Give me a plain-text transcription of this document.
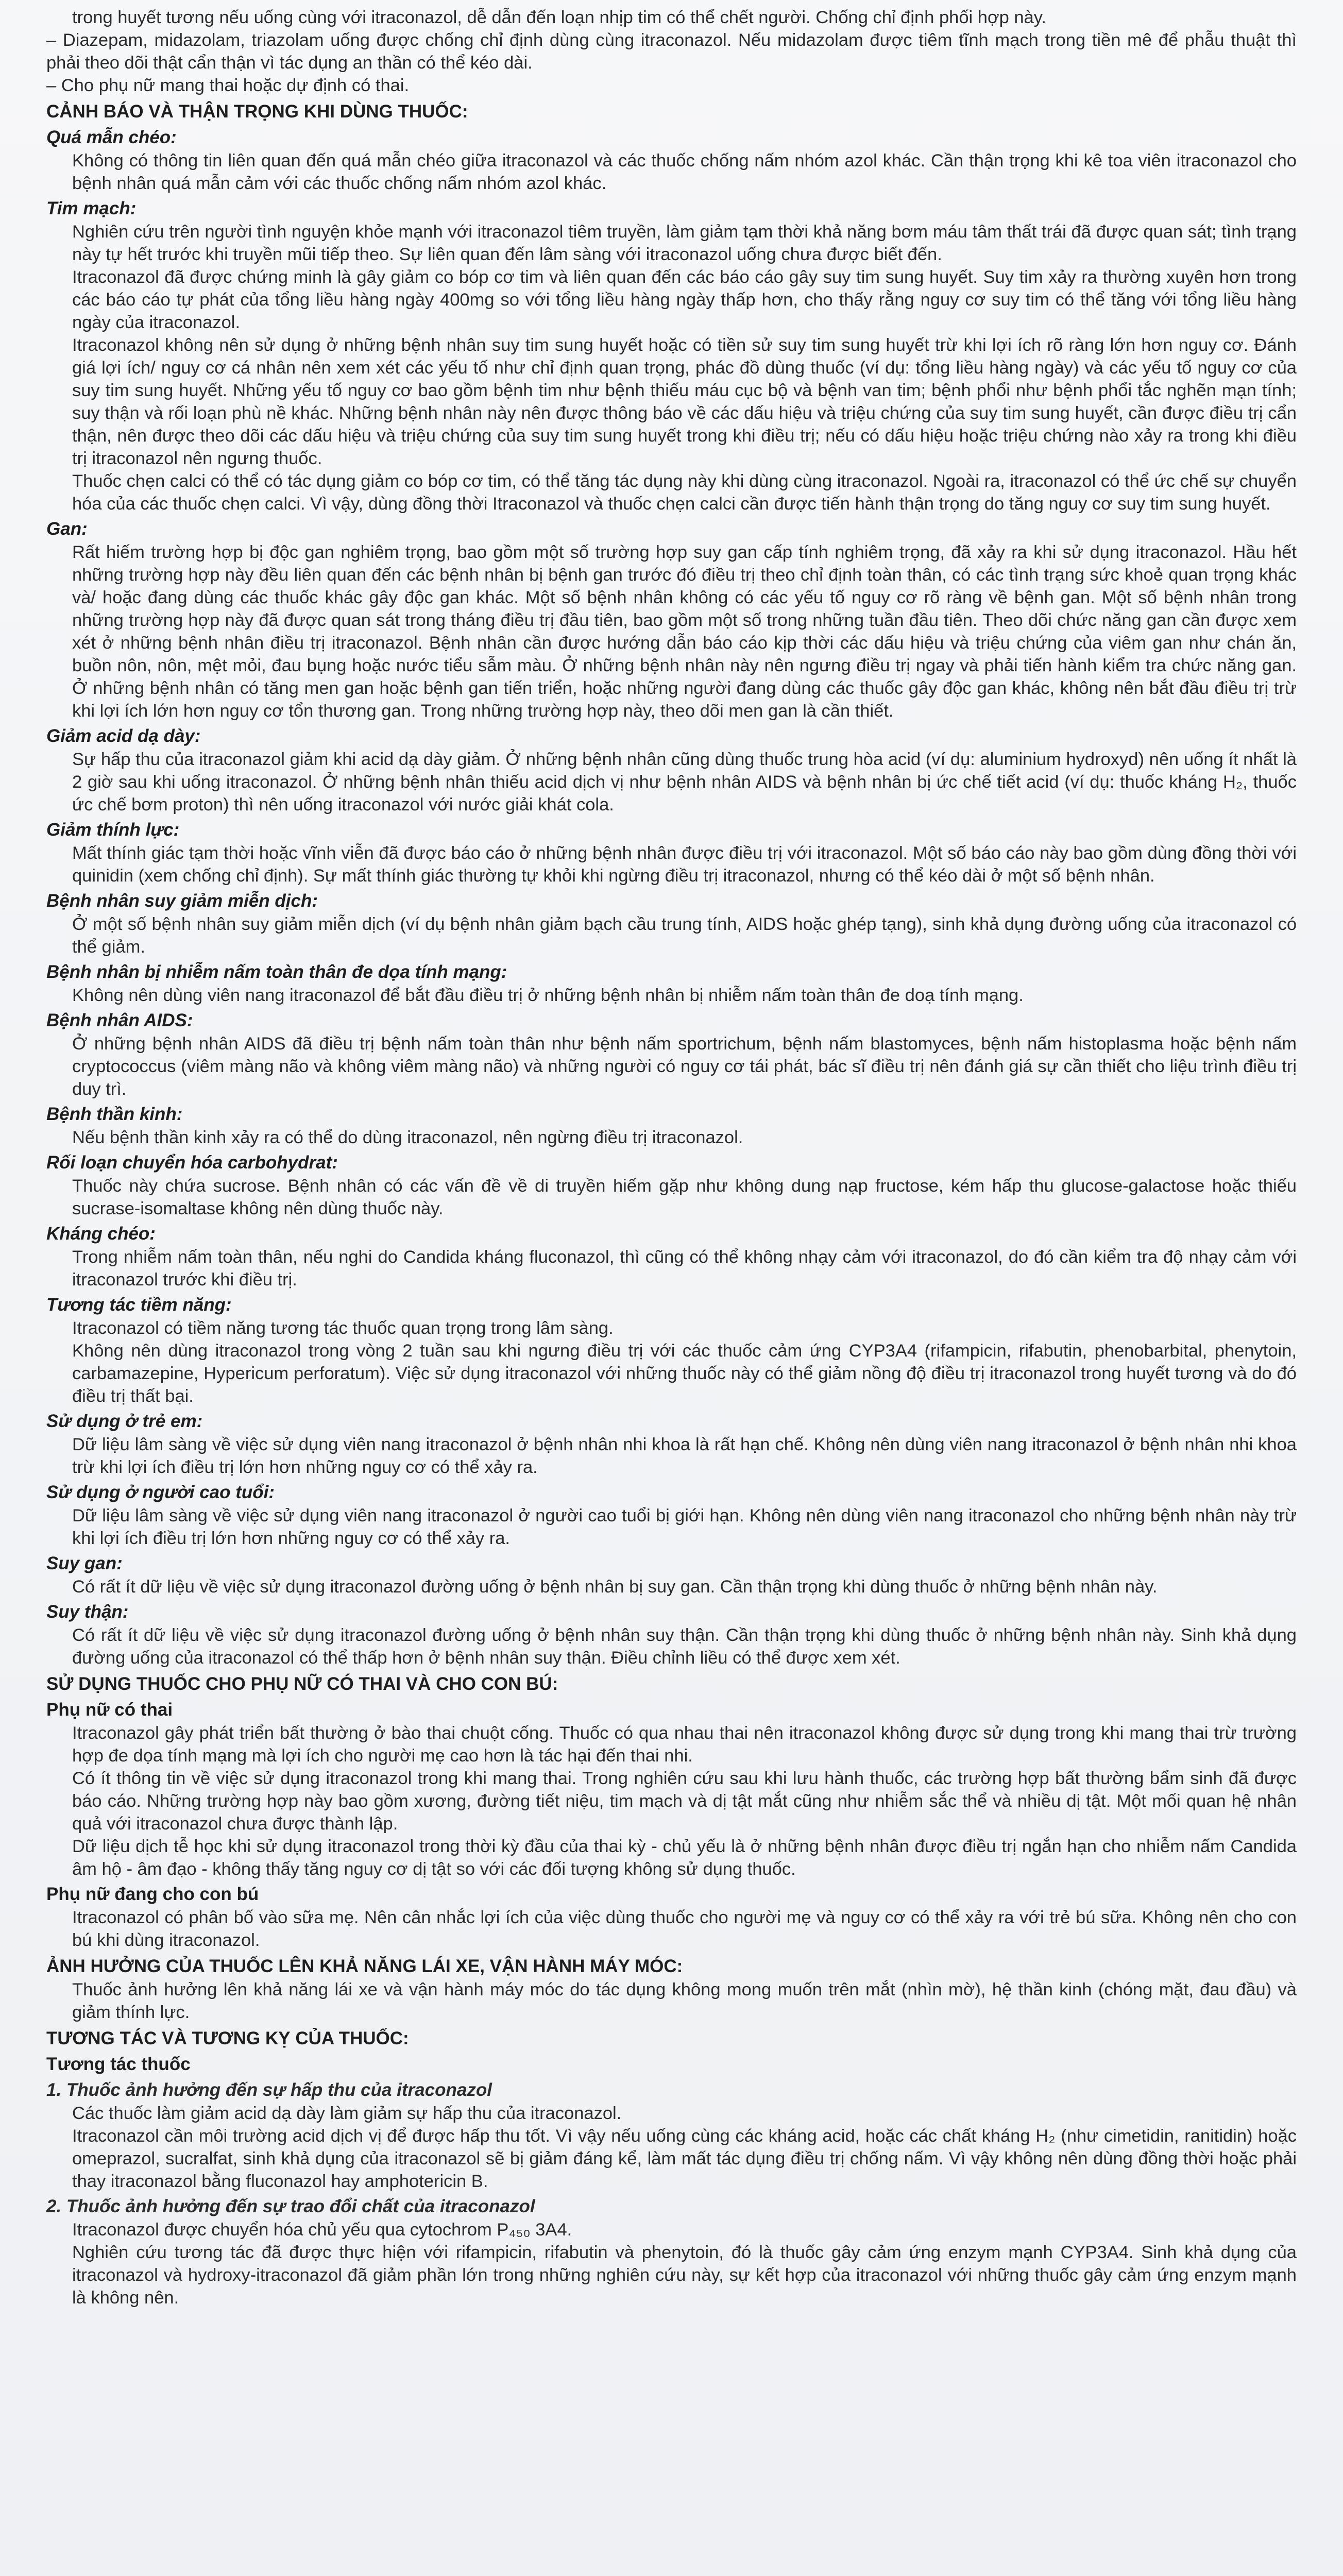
trong huyết tương nếu uống cùng với itraconazol, dễ dẫn đến loạn nhịp tim có thể chết người. Chống chỉ định phối hợp này.

– Diazepam, midazolam, triazolam uống được chống chỉ định dùng cùng itraconazol. Nếu midazolam được tiêm tĩnh mạch trong tiền mê để phẫu thuật thì phải theo dõi thật cẩn thận vì tác dụng an thần có thể kéo dài.

– Cho phụ nữ mang thai hoặc dự định có thai.

CẢNH BÁO VÀ THẬN TRỌNG KHI DÙNG THUỐC:
Quá mẫn chéo:

Không có thông tin liên quan đến quá mẫn chéo giữa itraconazol và các thuốc chống nấm nhóm azol khác. Cần thận trọng khi kê toa viên itraconazol cho bệnh nhân quá mẫn cảm với các thuốc chống nấm nhóm azol khác.

Tim mạch:

Nghiên cứu trên người tình nguyện khỏe mạnh với itraconazol tiêm truyền, làm giảm tạm thời khả năng bơm máu tâm thất trái đã được quan sát; tình trạng này tự hết trước khi truyền mũi tiếp theo. Sự liên quan đến lâm sàng với itraconazol uống chưa được biết đến.

Itraconazol đã được chứng minh là gây giảm co bóp cơ tim và liên quan đến các báo cáo gây suy tim sung huyết. Suy tim xảy ra thường xuyên hơn trong các báo cáo tự phát của tổng liều hàng ngày 400mg so với tổng liều hàng ngày thấp hơn, cho thấy rằng nguy cơ suy tim có thể tăng với tổng liều hàng ngày của itraconazol.

Itraconazol không nên sử dụng ở những bệnh nhân suy tim sung huyết hoặc có tiền sử suy tim sung huyết trừ khi lợi ích rõ ràng lớn hơn nguy cơ. Đánh giá lợi ích/ nguy cơ cá nhân nên xem xét các yếu tố như chỉ định quan trọng, phác đồ dùng thuốc (ví dụ: tổng liều hàng ngày) và các yếu tố nguy cơ của suy tim sung huyết. Những yếu tố nguy cơ bao gồm bệnh tim như bệnh thiếu máu cục bộ và bệnh van tim; bệnh phổi như bệnh phổi tắc nghẽn mạn tính; suy thận và rối loạn phù nề khác. Những bệnh nhân này nên được thông báo về các dấu hiệu và triệu chứng của suy tim sung huyết, cần được điều trị cẩn thận, nên được theo dõi các dấu hiệu và triệu chứng của suy tim sung huyết trong khi điều trị; nếu có dấu hiệu hoặc triệu chứng nào xảy ra trong khi điều trị itraconazol nên ngưng thuốc.

Thuốc chẹn calci có thể có tác dụng giảm co bóp cơ tim, có thể tăng tác dụng này khi dùng cùng itraconazol. Ngoài ra, itraconazol có thể ức chế sự chuyển hóa của các thuốc chẹn calci. Vì vậy, dùng đồng thời Itraconazol và thuốc chẹn calci cần được tiến hành thận trọng do tăng nguy cơ suy tim sung huyết.

Gan:

Rất hiếm trường hợp bị độc gan nghiêm trọng, bao gồm một số trường hợp suy gan cấp tính nghiêm trọng, đã xảy ra khi sử dụng itraconazol. Hầu hết những trường hợp này đều liên quan đến các bệnh nhân bị bệnh gan trước đó điều trị theo chỉ định toàn thân, có các tình trạng sức khoẻ quan trọng khác và/ hoặc đang dùng các thuốc khác gây độc gan khác. Một số bệnh nhân không có các yếu tố nguy cơ rõ ràng về bệnh gan. Một số bệnh nhân trong những trường hợp này đã được quan sát trong tháng điều trị đầu tiên, bao gồm một số trong những tuần đầu tiên. Theo dõi chức năng gan cần được xem xét ở những bệnh nhân điều trị itraconazol. Bệnh nhân cần được hướng dẫn báo cáo kịp thời các dấu hiệu và triệu chứng của viêm gan như chán ăn, buồn nôn, nôn, mệt mỏi, đau bụng hoặc nước tiểu sẫm màu. Ở những bệnh nhân này nên ngưng điều trị ngay và phải tiến hành kiểm tra chức năng gan. Ở những bệnh nhân có tăng men gan hoặc bệnh gan tiến triển, hoặc những người đang dùng các thuốc gây độc gan khác, không nên bắt đầu điều trị trừ khi lợi ích lớn hơn nguy cơ tổn thương gan. Trong những trường hợp này, theo dõi men gan là cần thiết.

Giảm acid dạ dày:

Sự hấp thu của itraconazol giảm khi acid dạ dày giảm. Ở những bệnh nhân cũng dùng thuốc trung hòa acid (ví dụ: aluminium hydroxyd) nên uống ít nhất là 2 giờ sau khi uống itraconazol. Ở những bệnh nhân thiếu acid dịch vị như bệnh nhân AIDS và bệnh nhân bị ức chế tiết acid (ví dụ: thuốc kháng H₂, thuốc ức chế bơm proton) thì nên uống itraconazol với nước giải khát cola.

Giảm thính lực:

Mất thính giác tạm thời hoặc vĩnh viễn đã được báo cáo ở những bệnh nhân được điều trị với itraconazol. Một số báo cáo này bao gồm dùng đồng thời với quinidin (xem chống chỉ định). Sự mất thính giác thường tự khỏi khi ngừng điều trị itraconazol, nhưng có thể kéo dài ở một số bệnh nhân.

Bệnh nhân suy giảm miễn dịch:

Ở một số bệnh nhân suy giảm miễn dịch (ví dụ bệnh nhân giảm bạch cầu trung tính, AIDS hoặc ghép tạng), sinh khả dụng đường uống của itraconazol có thể giảm.

Bệnh nhân bị nhiễm nấm toàn thân đe dọa tính mạng:

Không nên dùng viên nang itraconazol để bắt đầu điều trị ở những bệnh nhân bị nhiễm nấm toàn thân đe doạ tính mạng.

Bệnh nhân AIDS:

Ở những bệnh nhân AIDS đã điều trị bệnh nấm toàn thân như bệnh nấm sportrichum, bệnh nấm blastomyces, bệnh nấm histoplasma hoặc bệnh nấm cryptococcus (viêm màng não và không viêm màng não) và những người có nguy cơ tái phát, bác sĩ điều trị nên đánh giá sự cần thiết cho liệu trình điều trị duy trì.

Bệnh thần kinh:

Nếu bệnh thần kinh xảy ra có thể do dùng itraconazol, nên ngừng điều trị itraconazol.

Rối loạn chuyển hóa carbohydrat:

Thuốc này chứa sucrose. Bệnh nhân có các vấn đề về di truyền hiếm gặp như không dung nạp fructose, kém hấp thu glucose-galactose hoặc thiếu sucrase-isomaltase không nên dùng thuốc này.

Kháng chéo:

Trong nhiễm nấm toàn thân, nếu nghi do Candida kháng fluconazol, thì cũng có thể không nhạy cảm với itraconazol, do đó cần kiểm tra độ nhạy cảm với itraconazol trước khi điều trị.

Tương tác tiềm năng:

Itraconazol có tiềm năng tương tác thuốc quan trọng trong lâm sàng.

Không nên dùng itraconazol trong vòng 2 tuần sau khi ngưng điều trị với các thuốc cảm ứng CYP3A4 (rifampicin, rifabutin, phenobarbital, phenytoin, carbamazepine, Hypericum perforatum). Việc sử dụng itraconazol với những thuốc này có thể giảm nồng độ điều trị itraconazol trong huyết tương và do đó điều trị thất bại.

Sử dụng ở trẻ em:

Dữ liệu lâm sàng về việc sử dụng viên nang itraconazol ở bệnh nhân nhi khoa là rất hạn chế. Không nên dùng viên nang itraconazol ở bệnh nhân nhi khoa trừ khi lợi ích điều trị lớn hơn những nguy cơ có thể xảy ra.

Sử dụng ở người cao tuổi:

Dữ liệu lâm sàng về việc sử dụng viên nang itraconazol ở người cao tuổi bị giới hạn. Không nên dùng viên nang itraconazol cho những bệnh nhân này trừ khi lợi ích điều trị lớn hơn những nguy cơ có thể xảy ra.

Suy gan:

Có rất ít dữ liệu về việc sử dụng itraconazol đường uống ở bệnh nhân bị suy gan. Cần thận trọng khi dùng thuốc ở những bệnh nhân này.

Suy thận:

Có rất ít dữ liệu về việc sử dụng itraconazol đường uống ở bệnh nhân suy thận. Cần thận trọng khi dùng thuốc ở những bệnh nhân này. Sinh khả dụng đường uống của itraconazol có thể thấp hơn ở bệnh nhân suy thận. Điều chỉnh liều có thể được xem xét.

SỬ DỤNG THUỐC CHO PHỤ NỮ CÓ THAI VÀ CHO CON BÚ:
Phụ nữ có thai

Itraconazol gây phát triển bất thường ở bào thai chuột cống. Thuốc có qua nhau thai nên itraconazol không được sử dụng trong khi mang thai trừ trường hợp đe dọa tính mạng mà lợi ích cho người mẹ cao hơn là tác hại đến thai nhi.

Có ít thông tin về việc sử dụng itraconazol trong khi mang thai. Trong nghiên cứu sau khi lưu hành thuốc, các trường hợp bất thường bẩm sinh đã được báo cáo. Những trường hợp này bao gồm xương, đường tiết niệu, tim mạch và dị tật mắt cũng như nhiễm sắc thể và nhiều dị tật. Một mối quan hệ nhân quả với itraconazol chưa được thành lập.

Dữ liệu dịch tễ học khi sử dụng itraconazol trong thời kỳ đầu của thai kỳ - chủ yếu là ở những bệnh nhân được điều trị ngắn hạn cho nhiễm nấm Candida âm hộ - âm đạo - không thấy tăng nguy cơ dị tật so với các đối tượng không sử dụng thuốc.

Phụ nữ đang cho con bú

Itraconazol có phân bố vào sữa mẹ. Nên cân nhắc lợi ích của việc dùng thuốc cho người mẹ và nguy cơ có thể xảy ra với trẻ bú sữa. Không nên cho con bú khi dùng itraconazol.

ẢNH HƯỞNG CỦA THUỐC LÊN KHẢ NĂNG LÁI XE, VẬN HÀNH MÁY MÓC:

Thuốc ảnh hưởng lên khả năng lái xe và vận hành máy móc do tác dụng không mong muốn trên mắt (nhìn mờ), hệ thần kinh (chóng mặt, đau đầu) và giảm thính lực.

TƯƠNG TÁC VÀ TƯƠNG KỴ CỦA THUỐC:
Tương tác thuốc
1. Thuốc ảnh hưởng đến sự hấp thu của itraconazol

Các thuốc làm giảm acid dạ dày làm giảm sự hấp thu của itraconazol.

Itraconazol cần môi trường acid dịch vị để được hấp thu tốt. Vì vậy nếu uống cùng các kháng acid, hoặc các chất kháng H₂ (như cimetidin, ranitidin) hoặc omeprazol, sucralfat, sinh khả dụng của itraconazol sẽ bị giảm đáng kể, làm mất tác dụng điều trị chống nấm. Vì vậy không nên dùng đồng thời hoặc phải thay itraconazol bằng fluconazol hay amphotericin B.

2. Thuốc ảnh hưởng đến sự trao đổi chất của itraconazol

Itraconazol được chuyển hóa chủ yếu qua cytochrom P₄₅₀ 3A4.

Nghiên cứu tương tác đã được thực hiện với rifampicin, rifabutin và phenytoin, đó là thuốc gây cảm ứng enzym mạnh CYP3A4. Sinh khả dụng của itraconazol và hydroxy-itraconazol đã giảm phần lớn trong những nghiên cứu này, sự kết hợp của itraconazol với những thuốc gây cảm ứng enzym mạnh là không nên.
